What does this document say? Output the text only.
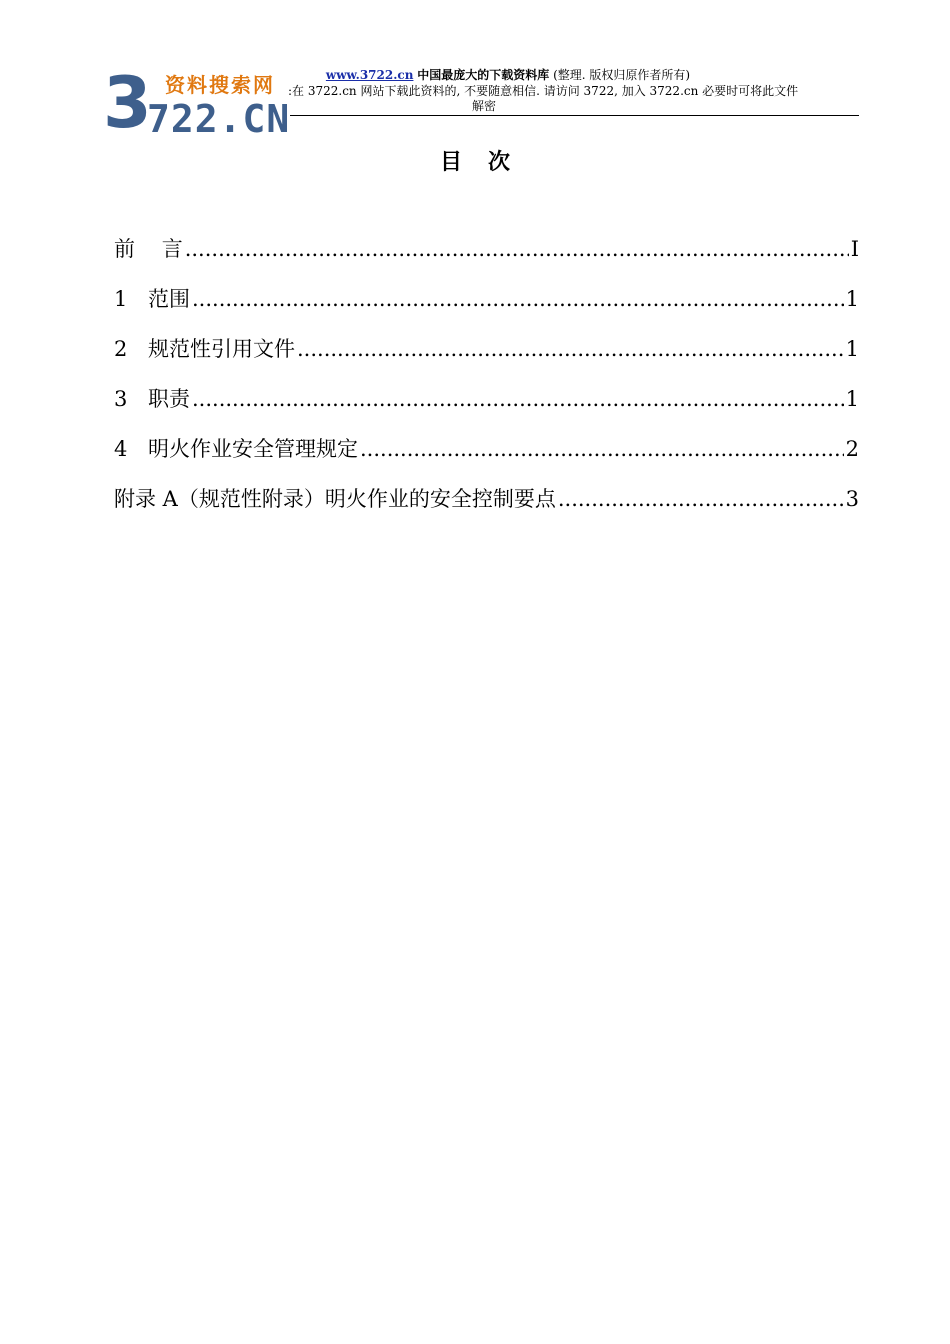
3 资料搜索网
722.CN
www.3722.cn 中国最庞大的下载资料库 (整理. 版权归原作者所有)
:在 3722.cn 网站下载此资料的, 不要随意相信. 请访问 3722, 加入 3722.cn 必要时可将此文件
解密
目 次
前    言 .....	I
1 范围 .....	1
2 规范性引用文件 .....	1
3 职责 .....	1
4 明火作业安全管理规定 .....	2
附录 A（规范性附录）明火作业的安全控制要点 .....	3
